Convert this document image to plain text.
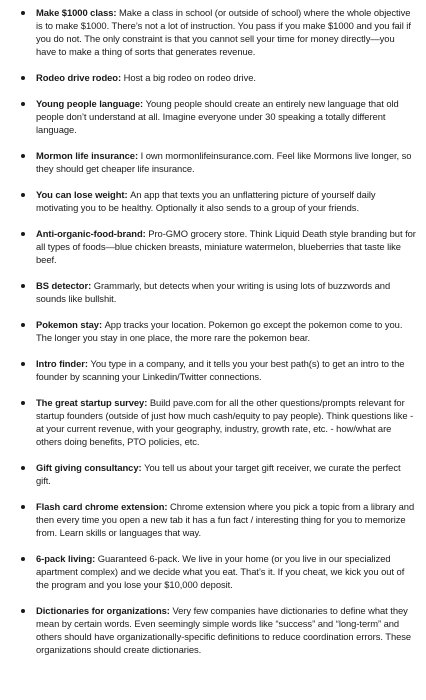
Make $1000 class: Make a class in school (or outside of school) where the whole objective is to make $1000. There’s not a lot of instruction. You pass if you make $1000 and you fail if you do not. The only constraint is that you cannot sell your time for money directly—you have to make a thing of sorts that generates revenue.
Rodeo drive rodeo: Host a big rodeo on rodeo drive.
Young people language: Young people should create an entirely new language that old people don’t understand at all. Imagine everyone under 30 speaking a totally different language.
Mormon life insurance: I own mormonlifeinsurance.com. Feel like Mormons live longer, so they should get cheaper life insurance.
You can lose weight: An app that texts you an unflattering picture of yourself daily motivating you to be healthy. Optionally it also sends to a group of your friends.
Anti-organic-food-brand: Pro-GMO grocery store. Think Liquid Death style branding but for all types of foods—blue chicken breasts, miniature watermelon, blueberries that taste like beef.
BS detector: Grammarly, but detects when your writing is using lots of buzzwords and sounds like bullshit.
Pokemon stay: App tracks your location. Pokemon go except the pokemon come to you. The longer you stay in one place, the more rare the pokemon bear.
Intro finder: You type in a company, and it tells you your best path(s) to get an intro to the founder by scanning your Linkedin/Twitter connections.
The great startup survey: Build pave.com for all the other questions/prompts relevant for startup founders (outside of just how much cash/equity to pay people). Think questions like - at your current revenue, with your geography, industry, growth rate, etc. - how/what are others doing benefits, PTO policies, etc.
Gift giving consultancy: You tell us about your target gift receiver, we curate the perfect gift.
Flash card chrome extension: Chrome extension where you pick a topic from a library and then every time you open a new tab it has a fun fact / interesting thing for you to memorize from. Learn skills or languages that way.
6-pack living: Guaranteed 6-pack. We live in your home (or you live in our specialized apartment complex) and we decide what you eat. That’s it. If you cheat, we kick you out of the program and you lose your $10,000 deposit.
Dictionaries for organizations: Very few companies have dictionaries to define what they mean by certain words. Even seemingly simple words like “success” and “long-term” and others should have organizationally-specific definitions to reduce coordination errors. These organizations should create dictionaries.
